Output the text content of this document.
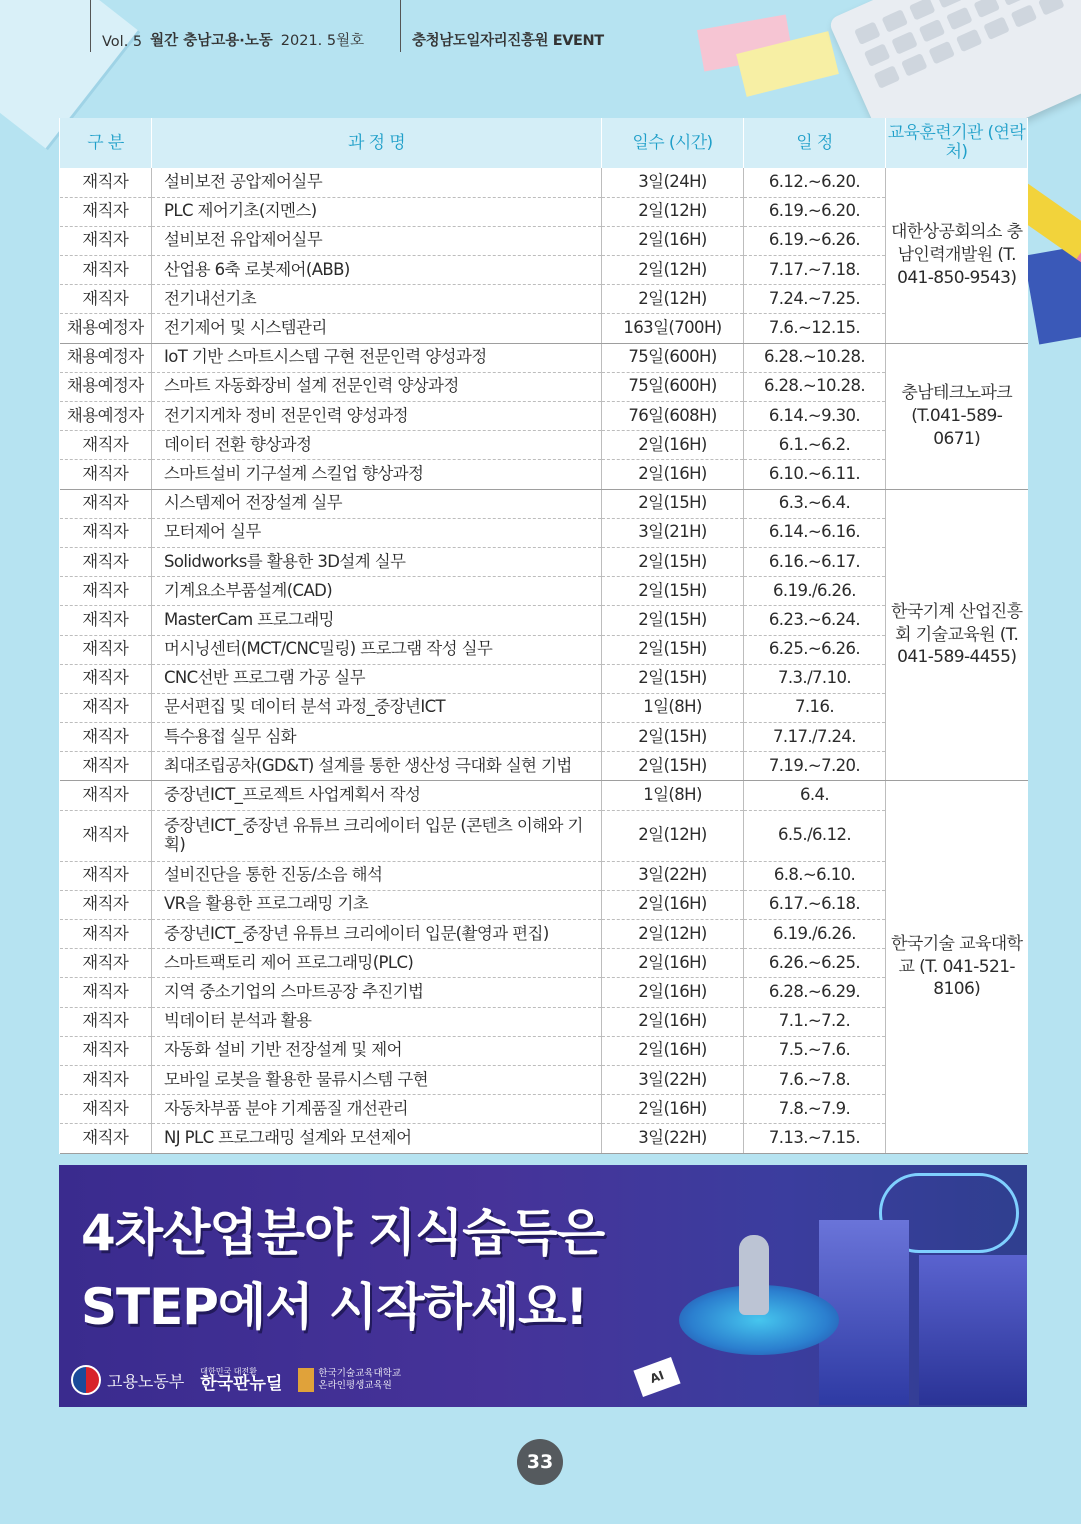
Vol. 5 월간 충남고용·노동 2021. 5월호	충청남도일자리진흥원 EVENT
구 분	과 정 명	일수 (시간)	일 정	교육훈련기관 (연락처)
재직자	설비보전 공압제어실무	3일(24H)	6.12.~6.20.	대한상공회의소 충남인력개발원 (T. 041-850-9543)
재직자	PLC 제어기초(지멘스)	2일(12H)	6.19.~6.20.	
재직자	설비보전 유압제어실무	2일(16H)	6.19.~6.26.	
재직자	산업용 6축 로봇제어(ABB)	2일(12H)	7.17.~7.18.	
재직자	전기내선기초	2일(12H)	7.24.~7.25.	
채용예정자	전기제어 및 시스템관리	163일(700H)	7.6.~12.15.	
채용예정자	IoT 기반 스마트시스템 구현 전문인력 양성과정	75일(600H)	6.28.~10.28.	충남테크노파크 (T.041-589-0671)
채용예정자	스마트 자동화장비 설계 전문인력 양상과정	75일(600H)	6.28.~10.28.	
채용예정자	전기지게차 정비 전문인력 양성과정	76일(608H)	6.14.~9.30.	
재직자	데이터 전환 향상과정	2일(16H)	6.1.~6.2.	
재직자	스마트설비 기구설계 스킬업 향상과정	2일(16H)	6.10.~6.11.	
재직자	시스템제어 전장설계 실무	2일(15H)	6.3.~6.4.	한국기계 산업진흥회 기술교육원 (T. 041-589-4455)
재직자	모터제어 실무	3일(21H)	6.14.~6.16.	
재직자	Solidworks를 활용한 3D설계 실무	2일(15H)	6.16.~6.17.	
재직자	기계요소부품설계(CAD)	2일(15H)	6.19./6.26.	
재직자	MasterCam 프로그래밍	2일(15H)	6.23.~6.24.	
재직자	머시닝센터(MCT/CNC밀링) 프로그램 작성 실무	2일(15H)	6.25.~6.26.	
재직자	CNC선반 프로그램 가공 실무	2일(15H)	7.3./7.10.	
재직자	문서편집 및 데이터 분석 과정_중장년ICT	1일(8H)	7.16.	
재직자	특수용접 실무 심화	2일(15H)	7.17./7.24.	
재직자	최대조립공차(GD&T) 설계를 통한 생산성 극대화 실현 기법	2일(15H)	7.19.~7.20.	
재직자	중장년ICT_프로젝트 사업계획서 작성	1일(8H)	6.4.	한국기술 교육대학교 (T. 041-521-8106)
재직자	중장년ICT_중장년 유튜브 크리에이터 입문 (콘텐츠 이해와 기획)	2일(12H)	6.5./6.12.	
재직자	설비진단을 통한 진동/소음 해석	3일(22H)	6.8.~6.10.	
재직자	VR을 활용한 프로그래밍 기초	2일(16H)	6.17.~6.18.	
재직자	중장년ICT_중장년 유튜브 크리에이터 입문(촬영과 편집)	2일(12H)	6.19./6.26.	
재직자	스마트팩토리 제어 프로그래밍(PLC)	2일(16H)	6.26.~6.25.	
재직자	지역 중소기업의 스마트공장 추진기법	2일(16H)	6.28.~6.29.	
재직자	빅데이터 분석과 활용	2일(16H)	7.1.~7.2.	
재직자	자동화 설비 기반 전장설계 및 제어	2일(16H)	7.5.~7.6.	
재직자	모바일 로봇을 활용한 물류시스템 구현	3일(22H)	7.6.~7.8.	
재직자	자동차부품 분야 기계품질 개선관리	2일(16H)	7.8.~7.9.	
재직자	NJ PLC 프로그래밍 설계와 모션제어	3일(22H)	7.13.~7.15.	
AI
4차산업분야 지식습득은
STEP에서 시작하세요!
고용노동부
대한민국 대전환
한국판뉴딜	한국기술교육대학교
온라인평생교육원
33
